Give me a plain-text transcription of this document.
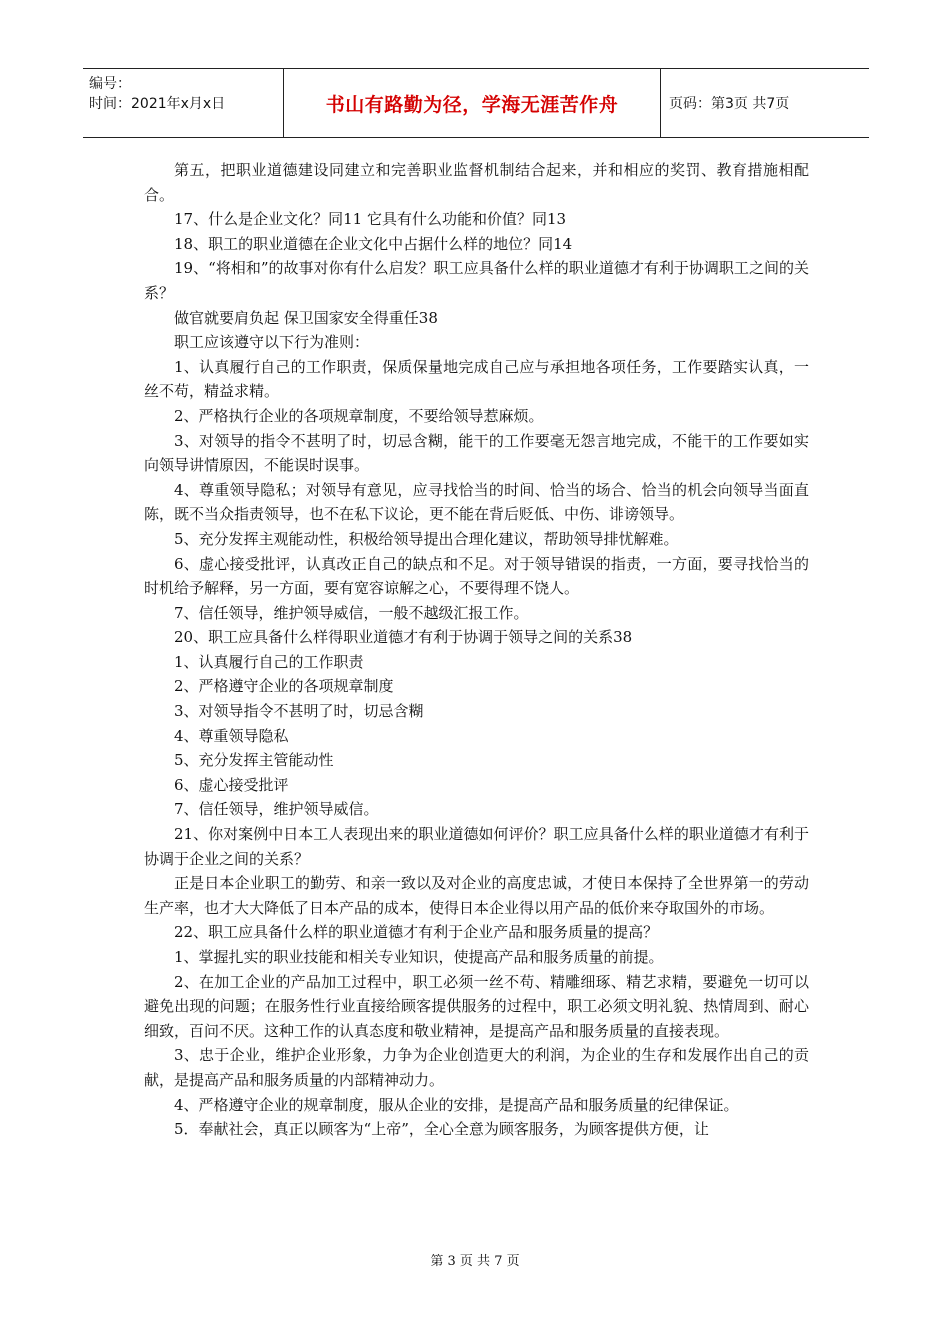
编号：
时间：2021年x月x日	书山有路勤为径，学海无涯苦作舟	页码：第3页 共7页

第五，把职业道德建设同建立和完善职业监督机制结合起来，并和相应的奖罚、教育措施相配合。

17、什么是企业文化？同11 它具有什么功能和价值？同13

18、职工的职业道德在企业文化中占据什么样的地位？同14

19、“将相和”的故事对你有什么启发？职工应具备什么样的职业道德才有利于协调职工之间的关系？

做官就要肩负起 保卫国家安全得重任38

职工应该遵守以下行为准则：

1、认真履行自己的工作职责，保质保量地完成自己应与承担地各项任务，工作要踏实认真，一丝不苟，精益求精。

2、严格执行企业的各项规章制度，不要给领导惹麻烦。

3、对领导的指令不甚明了时，切忌含糊，能干的工作要毫无怨言地完成，不能干的工作要如实向领导讲情原因，不能误时误事。

4、尊重领导隐私；对领导有意见，应寻找恰当的时间、恰当的场合、恰当的机会向领导当面直陈，既不当众指责领导，也不在私下议论，更不能在背后贬低、中伤、诽谤领导。

5、充分发挥主观能动性，积极给领导提出合理化建议，帮助领导排忧解难。

6、虚心接受批评，认真改正自己的缺点和不足。对于领导错误的指责，一方面，要寻找恰当的时机给予解释，另一方面，要有宽容谅解之心，不要得理不饶人。

7、信任领导，维护领导威信，一般不越级汇报工作。

20、职工应具备什么样得职业道德才有利于协调于领导之间的关系38

1、认真履行自己的工作职责

2、严格遵守企业的各项规章制度

3、对领导指令不甚明了时，切忌含糊

4、尊重领导隐私

5、充分发挥主管能动性

6、虚心接受批评

7、信任领导，维护领导威信。

21、你对案例中日本工人表现出来的职业道德如何评价？职工应具备什么样的职业道德才有利于协调于企业之间的关系？

正是日本企业职工的勤劳、和亲一致以及对企业的高度忠诚，才使日本保持了全世界第一的劳动生产率，也才大大降低了日本产品的成本，使得日本企业得以用产品的低价来夺取国外的市场。

22、职工应具备什么样的职业道德才有利于企业产品和服务质量的提高？

1、掌握扎实的职业技能和相关专业知识，使提高产品和服务质量的前提。

2、在加工企业的产品加工过程中，职工必须一丝不苟、精雕细琢、精艺求精，要避免一切可以避免出现的问题；在服务性行业直接给顾客提供服务的过程中，职工必须文明礼貌、热情周到、耐心细致，百问不厌。这种工作的认真态度和敬业精神，是提高产品和服务质量的直接表现。

3、忠于企业，维护企业形象，力争为企业创造更大的利润，为企业的生存和发展作出自己的贡献，是提高产品和服务质量的内部精神动力。

4、严格遵守企业的规章制度，服从企业的安排，是提高产品和服务质量的纪律保证。

5．奉献社会，真正以顾客为“上帝”，全心全意为顾客服务，为顾客提供方便，让

第 3 页 共 7 页
